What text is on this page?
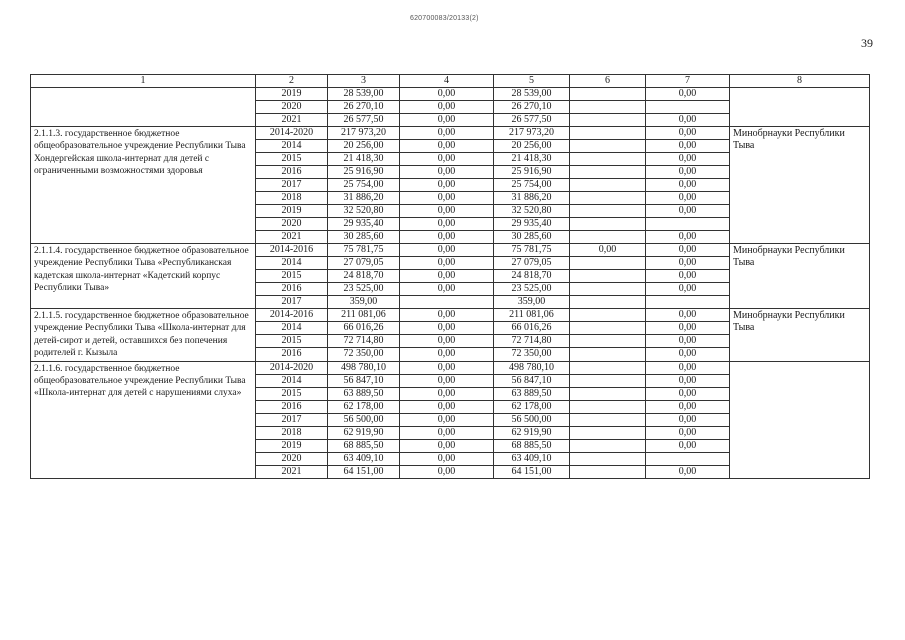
620700083/20133(2)
39
1	2	3	4	5	6	7	8
	2019	28 539,00	0,00	28 539,00		0,00	
	2020	26 270,10	0,00	26 270,10			
	2021	26 577,50	0,00	26 577,50		0,00	
2.1.1.3. государственное бюджетное общеобразовательное учреждение Республики Тыва Хондергейская школа-интернат для детей с ограниченными возможностями здоровья	2014-2020	217 973,20	0,00	217 973,20		0,00	Минобрнауки Республики Тыва
	2014	20 256,00	0,00	20 256,00		0,00	
	2015	21 418,30	0,00	21 418,30		0,00	
	2016	25 916,90	0,00	25 916,90		0,00	
	2017	25 754,00	0,00	25 754,00		0,00	
	2018	31 886,20	0,00	31 886,20		0,00	
	2019	32 520,80	0,00	32 520,80		0,00	
	2020	29 935,40	0,00	29 935,40			
	2021	30 285,60	0,00	30 285,60		0,00	
2.1.1.4. государственное бюджетное образовательное учреждение Республики Тыва «Республиканская кадетская школа-интернат «Кадетский корпус Республики Тыва»	2014-2016	75 781,75	0,00	75 781,75	0,00	0,00	Минобрнауки Республики Тыва
	2014	27 079,05	0,00	27 079,05		0,00	
	2015	24 818,70	0,00	24 818,70		0,00	
	2016	23 525,00	0,00	23 525,00		0,00	
	2017	359,00		359,00			
2.1.1.5. государственное бюджетное образовательное учреждение Республики Тыва «Школа-интернат для детей-сирот и детей, оставшихся без попечения родителей г. Кызыла	2014-2016	211 081,06	0,00	211 081,06		0,00	Минобрнауки Республики Тыва
	2014	66 016,26	0,00	66 016,26		0,00	
	2015	72 714,80	0,00	72 714,80		0,00	
	2016	72 350,00	0,00	72 350,00		0,00	
2.1.1.6. государственное бюджетное общеобразовательное учреждение Республики Тыва «Школа-интернат для детей с нарушениями слуха»	2014-2020	498 780,10	0,00	498 780,10		0,00	
	2014	56 847,10	0,00	56 847,10		0,00	
	2015	63 889,50	0,00	63 889,50		0,00	
	2016	62 178,00	0,00	62 178,00		0,00	
	2017	56 500,00	0,00	56 500,00		0,00	
	2018	62 919,90	0,00	62 919,90		0,00	
	2019	68 885,50	0,00	68 885,50		0,00	
	2020	63 409,10	0,00	63 409,10			
	2021	64 151,00	0,00	64 151,00		0,00	
